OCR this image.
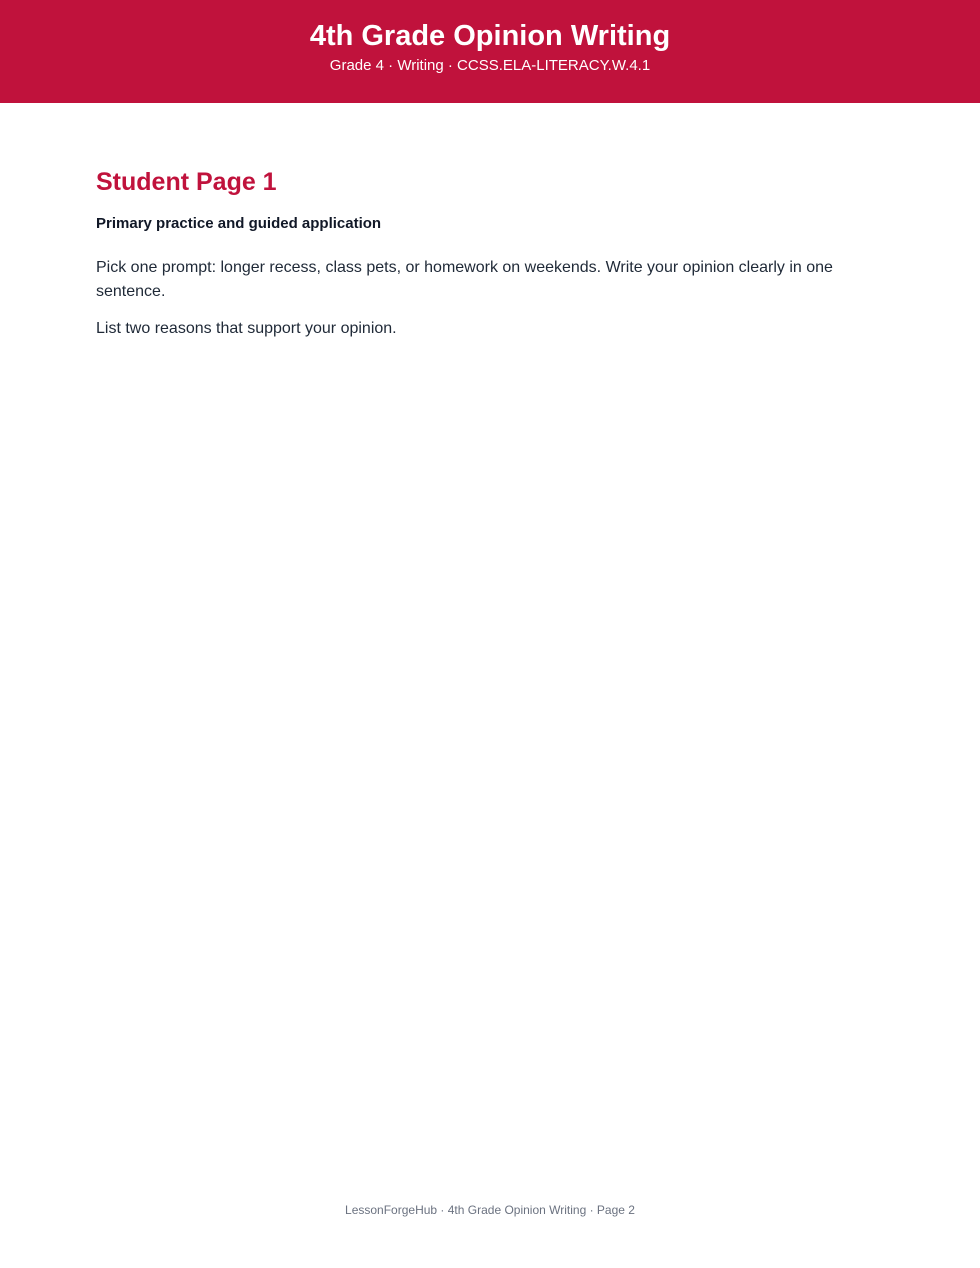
4th Grade Opinion Writing
Grade 4 · Writing · CCSS.ELA-LITERACY.W.4.1
Student Page 1
Primary practice and guided application

Pick one prompt: longer recess, class pets, or homework on weekends. Write your opinion clearly in one sentence.

List two reasons that support your opinion.

LessonForgeHub · 4th Grade Opinion Writing · Page 2
